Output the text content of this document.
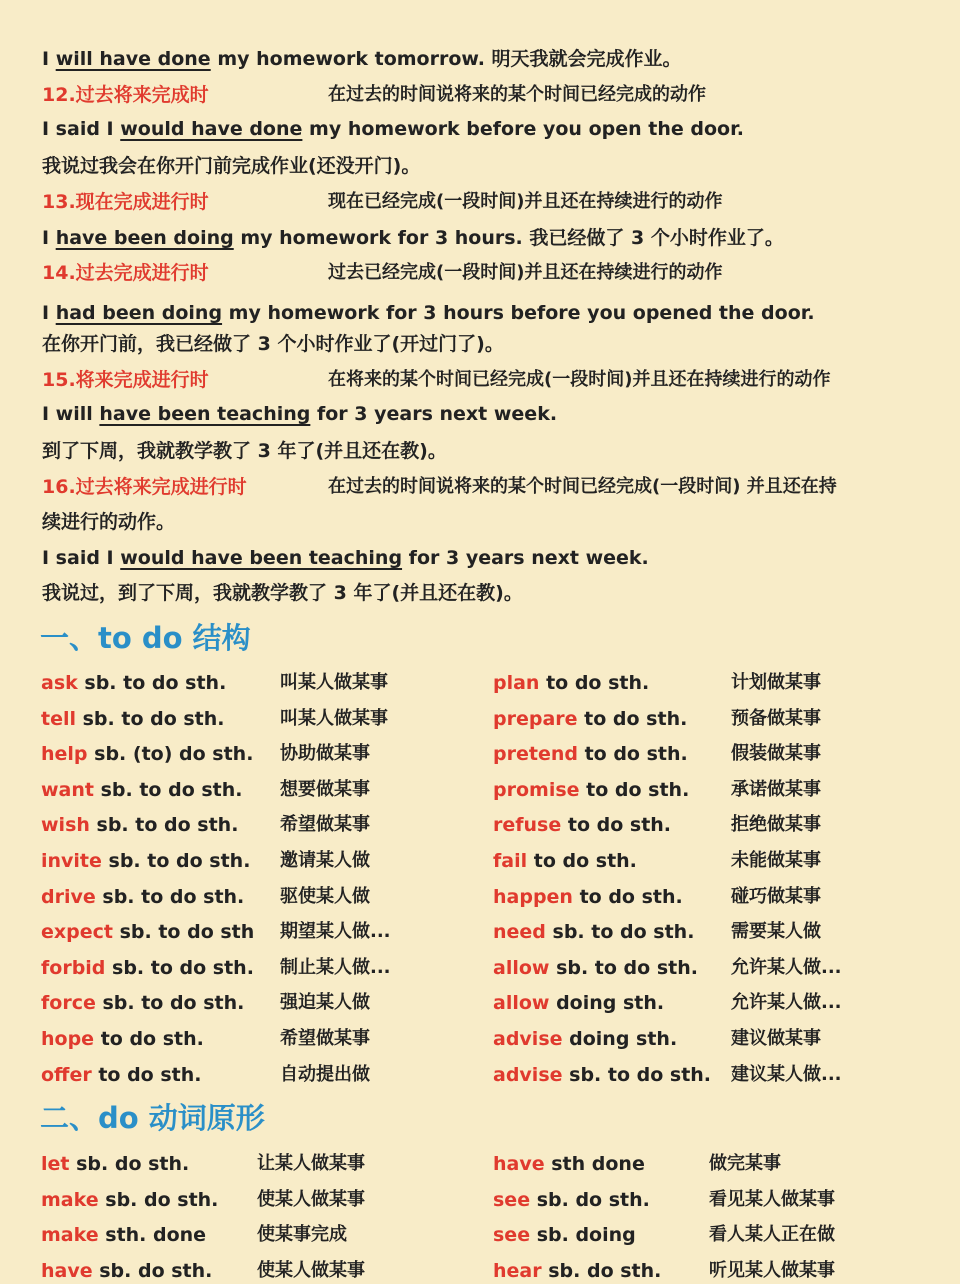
I will have done my homework tomorrow. 明天我就会完成作业。
12.过去将来完成时	在过去的时间说将来的某个时间已经完成的动作
I said I would have done my homework before you open the door.
我说过我会在你开门前完成作业(还没开门)。
13.现在完成进行时	现在已经完成(一段时间)并且还在持续进行的动作
I have been doing my homework for 3 hours. 我已经做了 3 个小时作业了。
14.过去完成进行时	过去已经完成(一段时间)并且还在持续进行的动作
I had been doing my homework for 3 hours before you opened the door.
在你开门前，我已经做了 3 个小时作业了(开过门了)。
15.将来完成进行时	在将来的某个时间已经完成(一段时间)并且还在持续进行的动作
I will have been teaching for 3 years next week.
到了下周，我就教学教了 3 年了(并且还在教)。
16.过去将来完成进行时	在过去的时间说将来的某个时间已经完成(一段时间) 并且还在持
续进行的动作。
I said I would have been teaching for 3 years next week.
我说过，到了下周，我就教学教了 3 年了(并且还在教)。
一、to do 结构
ask sb. to do sth.	叫某人做某事
tell sb. to do sth.	叫某人做某事
help sb. (to) do sth. 协助做某事
want sb. to do sth. 想要做某事
wish sb. to do sth. 希望做某事
invite sb. to do sth. 邀请某人做
drive sb. to do sth. 驱使某人做
expect sb. to do sth 期望某人做...
forbid sb. to do sth. 制止某人做...
force sb. to do sth. 强迫某人做
hope to do sth.	希望做某事
offer to do sth.	自动提出做
plan to do sth.	计划做某事
prepare to do sth. 预备做某事
pretend to do sth. 假装做某事
promise to do sth. 承诺做某事
refuse to do sth.	拒绝做某事
fail to do sth.	未能做某事
happen to do sth.	碰巧做某事
need sb. to do sth. 需要某人做
allow sb. to do sth. 允许某人做...
allow doing sth.	允许某人做...
advise doing sth.	建议做某事
advise sb. to do sth. 建议某人做...
二、do 动词原形
let sb. do sth.	让某人做某事
make sb. do sth. 使某人做某事
make sth. done	使某事完成
have sb. do sth. 使某人做某事
have sth done	做完某事
see sb. do sth.	看见某人做某事
see sb. doing	看人某人正在做
hear sb. do sth.	听见某人做某事
